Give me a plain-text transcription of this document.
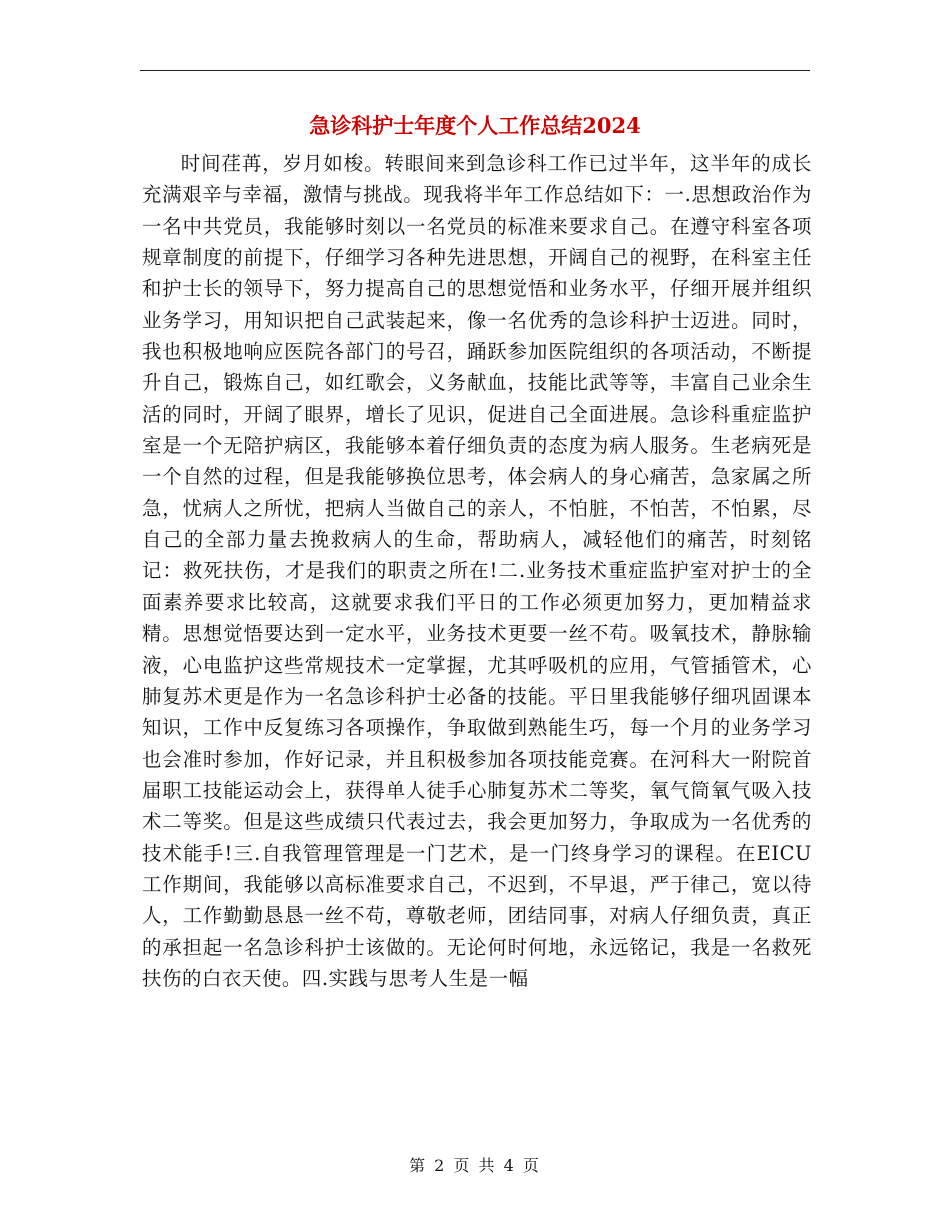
急诊科护士年度个人工作总结2024

时间荏苒，岁月如梭。转眼间来到急诊科工作已过半年，这半年的成长充满艰辛与幸福，激情与挑战。现我将半年工作总结如下：一.思想政治作为一名中共党员，我能够时刻以一名党员的标准来要求自己。在遵守科室各项规章制度的前提下，仔细学习各种先进思想，开阔自己的视野，在科室主任和护士长的领导下，努力提高自己的思想觉悟和业务水平，仔细开展并组织业务学习，用知识把自己武装起来，像一名优秀的急诊科护士迈进。同时，我也积极地响应医院各部门的号召，踊跃参加医院组织的各项活动，不断提升自己，锻炼自己，如红歌会，义务献血，技能比武等等，丰富自己业余生活的同时，开阔了眼界，增长了见识，促进自己全面进展。急诊科重症监护室是一个无陪护病区，我能够本着仔细负责的态度为病人服务。生老病死是一个自然的过程，但是我能够换位思考，体会病人的身心痛苦，急家属之所急，忧病人之所忧，把病人当做自己的亲人，不怕脏，不怕苦，不怕累，尽自己的全部力量去挽救病人的生命，帮助病人，减轻他们的痛苦，时刻铭记：救死扶伤，才是我们的职责之所在!二.业务技术重症监护室对护士的全面素养要求比较高，这就要求我们平日的工作必须更加努力，更加精益求精。思想觉悟要达到一定水平，业务技术更要一丝不苟。吸氧技术，静脉输液，心电监护这些常规技术一定掌握，尤其呼吸机的应用，气管插管术，心肺复苏术更是作为一名急诊科护士必备的技能。平日里我能够仔细巩固课本知识，工作中反复练习各项操作，争取做到熟能生巧，每一个月的业务学习也会准时参加，作好记录，并且积极参加各项技能竞赛。在河科大一附院首届职工技能运动会上，获得单人徒手心肺复苏术二等奖，氧气筒氧气吸入技术二等奖。但是这些成绩只代表过去，我会更加努力，争取成为一名优秀的技术能手!三.自我管理管理是一门艺术，是一门终身学习的课程。在EICU工作期间，我能够以高标准要求自己，不迟到，不早退，严于律己，宽以待人，工作勤勤恳恳一丝不苟，尊敬老师，团结同事，对病人仔细负责，真正的承担起一名急诊科护士该做的。无论何时何地，永远铭记，我是一名救死扶伤的白衣天使。四.实践与思考人生是一幅

第 2 页 共 4 页
